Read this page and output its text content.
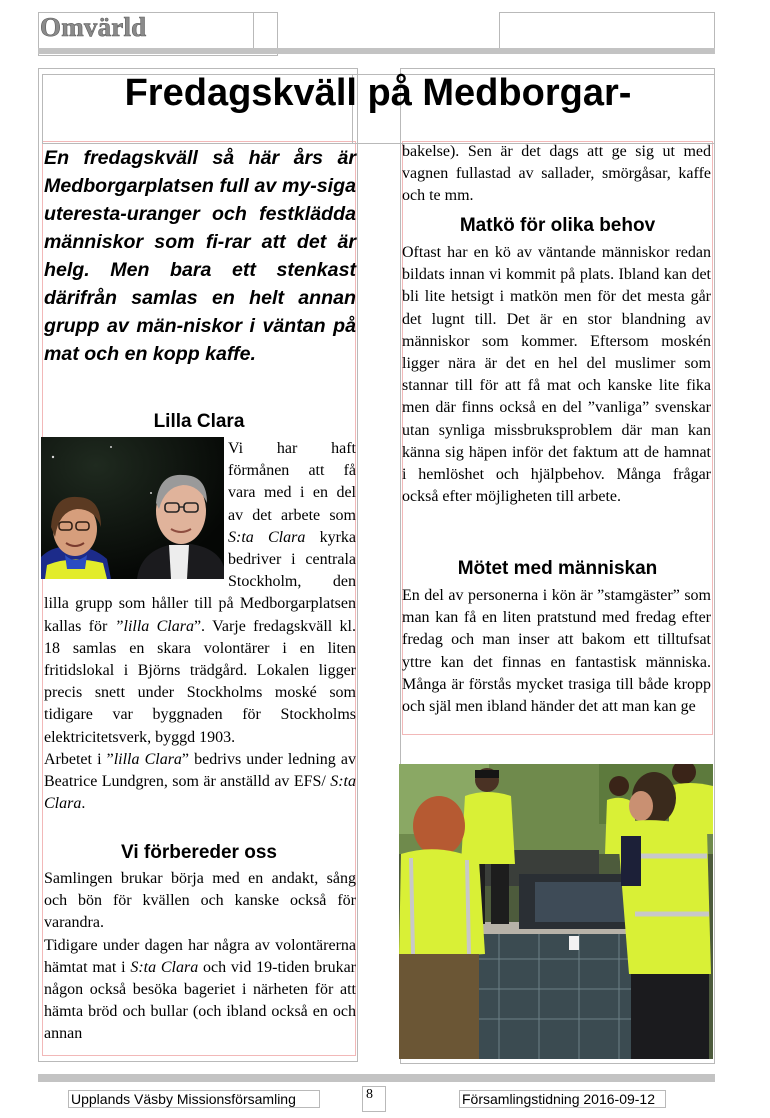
Omvärld
Fredagskväll på Medborgar-
En fredagskväll så här års är Medborgarplatsen full av my-siga uteresta-uranger och festklädda människor som fi-rar att det är helg. Men bara ett stenkast därifrån samlas en helt annan grupp av män-niskor i väntan på mat och en kopp kaffe.
Lilla Clara

Vi har haft förmånen att få vara med i en del av det arbete som S:ta Clara kyrka bedriver i centrala Stockholm, den lilla grupp som håller till på Medborgarplatsen kallas för ”lilla Clara”. Varje fredagskväll kl. 18 samlas en skara volontärer i en liten fritidslokal i Björns trädgård. Lokalen ligger precis snett under Stockholms moské som tidigare var byggnaden för Stockholms elektricitetsverk, byggd 1903.

Arbetet i ”lilla Clara” bedrivs under ledning av Beatrice Lundgren, som är anställd av EFS/ S:ta Clara.

Vi förbereder oss

Samlingen brukar börja med en andakt, sång och bön för kvällen och kanske också för varandra.

Tidigare under dagen har några av volontärerna hämtat mat i S:ta Clara och vid 19-tiden brukar någon också besöka bageriet i närheten för att hämta bröd och bullar (och ibland också en och annan

bakelse). Sen är det dags att ge sig ut med vagnen fullastad av sallader, smörgåsar, kaffe och te mm.
Matkö för olika behov
Oftast har en kö av väntande människor redan bildats innan vi kommit på plats. Ibland kan det bli lite hetsigt i matkön men för det mesta går det lugnt till. Det är en stor blandning av människor som kommer. Eftersom moskén ligger nära är det en hel del muslimer som stannar till för att få mat och kanske lite fika men där finns också en del ”vanliga” svenskar utan synliga missbruksproblem där man kan känna sig häpen inför det faktum att de hamnat i hemlöshet och hjälpbehov. Många frågar också efter möjligheten till arbete.
Mötet med människan
En del av personerna i kön är ”stamgäster” som man kan få en liten pratstund med fredag efter fredag och man inser att bakom ett tilltufsat yttre kan det finnas en fantastisk människa. Många är förstås mycket trasiga till både kropp och själ men ibland händer det att man kan ge
Upplands Väsby Missionsförsamling	8	Församlingstidning 2016-09-12
